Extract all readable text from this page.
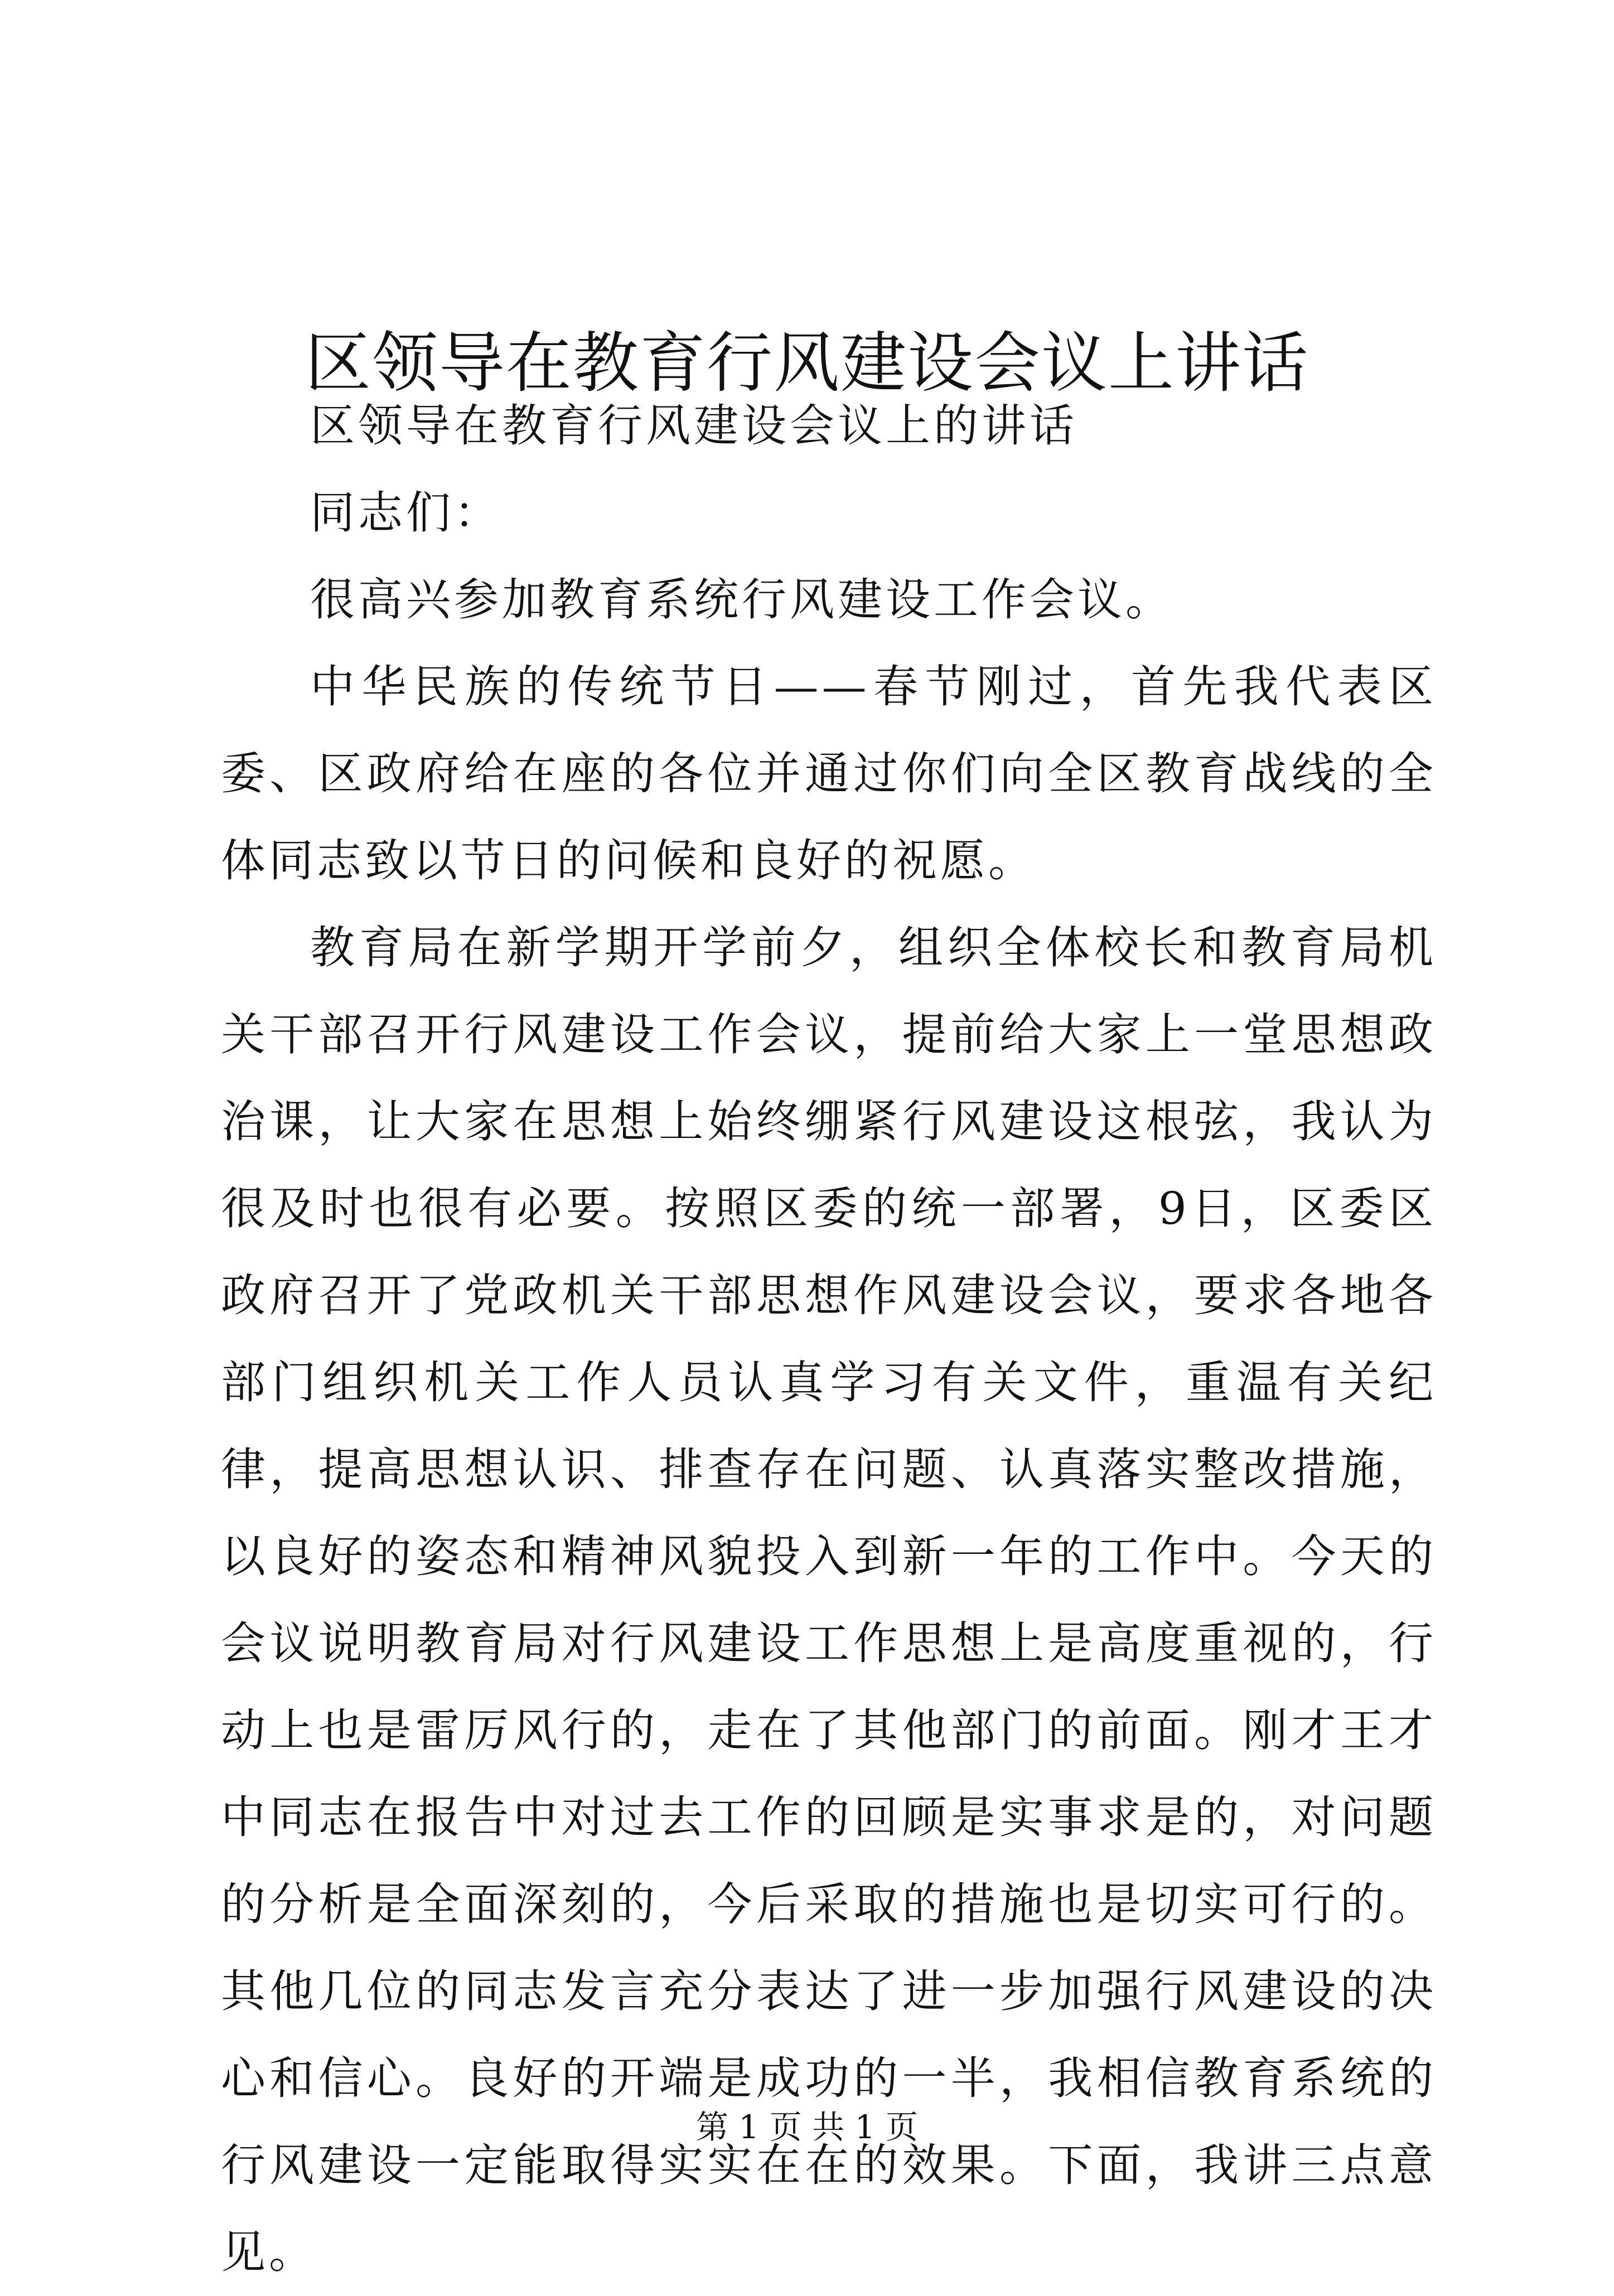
区领导在教育行风建设会议上讲话

区领导在教育行风建设会议上的讲话

同志们：

很高兴参加教育系统行风建设工作会议。

中华民族的传统节日——春节刚过，首先我代表区委、区政府给在座的各位并通过你们向全区教育战线的全体同志致以节日的问候和良好的祝愿。

教育局在新学期开学前夕，组织全体校长和教育局机关干部召开行风建设工作会议，提前给大家上一堂思想政治课，让大家在思想上始终绷紧行风建设这根弦，我认为很及时也很有必要。按照区委的统一部署，9日，区委区政府召开了党政机关干部思想作风建设会议，要求各地各部门组织机关工作人员认真学习有关文件，重温有关纪律，提高思想认识、排查存在问题、认真落实整改措施，以良好的姿态和精神风貌投入到新一年的工作中。今天的会议说明教育局对行风建设工作思想上是高度重视的，行动上也是雷厉风行的，走在了其他部门的前面。刚才王才中同志在报告中对过去工作的回顾是实事求是的，对问题的分析是全面深刻的，今后采取的措施也是切实可行的。其他几位的同志发言充分表达了进一步加强行风建设的决心和信心。良好的开端是成功的一半，我相信教育系统的行风建设一定能取得实实在在的效果。下面，我讲三点意见。

第 1 页 共 1 页
